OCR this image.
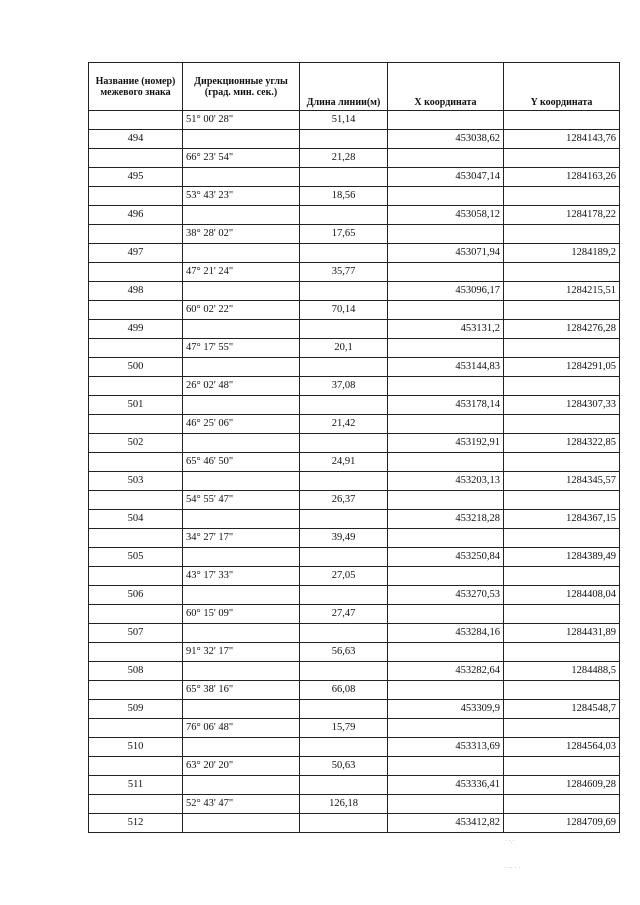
Название (номер) межевого знака	Дирекционные углы (град. мин. сек.)	Длина линии(м)	X координата	Y координата
	51° 00' 28"	51,14		
494			453038,62	1284143,76
	66° 23' 54"	21,28		
495			453047,14	1284163,26
	53° 43' 23"	18,56		
496			453058,12	1284178,22
	38° 28' 02"	17,65		
497			453071,94	1284189,2
	47° 21' 24"	35,77		
498			453096,17	1284215,51
	60° 02' 22"	70,14		
499			453131,2	1284276,28
	47° 17' 55"	20,1		
500			453144,83	1284291,05
	26° 02' 48"	37,08		
501			453178,14	1284307,33
	46° 25' 06"	21,42		
502			453192,91	1284322,85
	65° 46' 50"	24,91		
503			453203,13	1284345,57
	54° 55' 47"	26,37		
504			453218,28	1284367,15
	34° 27' 17"	39,49		
505			453250,84	1284389,49
	43° 17' 33"	27,05		
506			453270,53	1284408,04
	60° 15' 09"	27,47		
507			453284,16	1284431,89
	91° 32' 17"	56,63		
508			453282,64	1284488,5
	65° 38' 16"	66,08		
509			453309,9	1284548,7
	76° 06' 48"	15,79		
510			453313,69	1284564,03
	63° 20' 20"	50,63		
511			453336,41	1284609,28
	52° 43' 47"	126,18		
512			453412,82	1284709,69
· ·.·
· ·· · ·
